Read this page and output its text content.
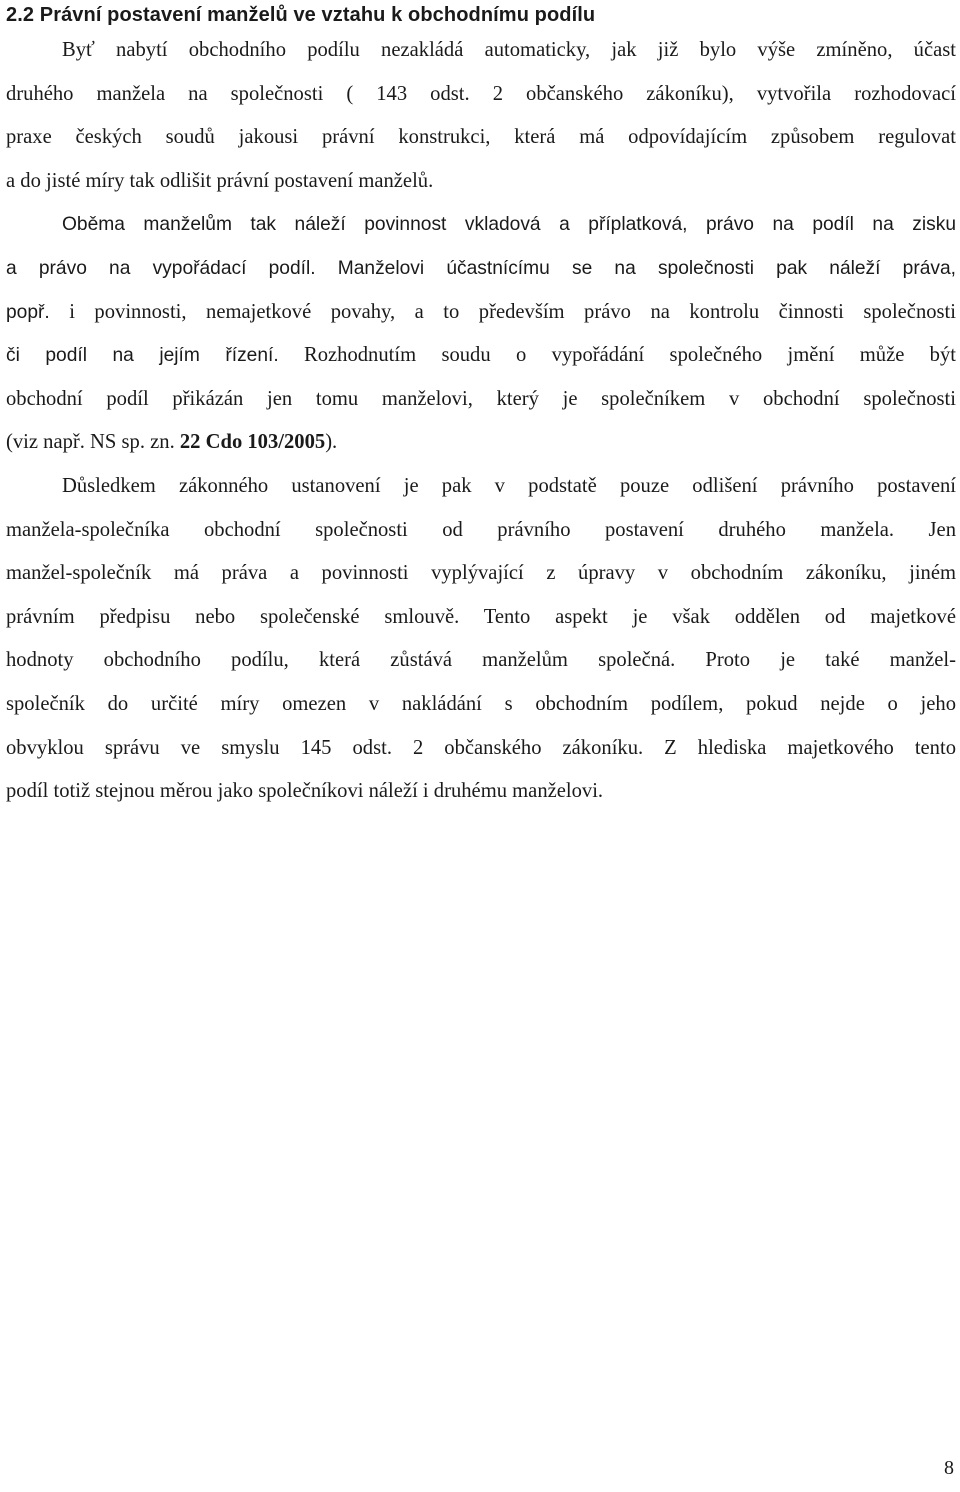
2.2 Právní postavení manželů ve vztahu k obchodnímu podílu
Byť nabytí obchodního podílu nezakládá automaticky, jak již bylo výše zmíněno, účast
druhého manžela na společnosti ( 143 odst. 2 občanského zákoníku), vytvořila rozhodovací
praxe českých soudů jakousi právní konstrukci, která má odpovídajícím způsobem regulovat
a do jisté míry tak odlišit právní postavení manželů.
Oběma manželům tak náleží povinnost vkladová a příplatková, právo na podíl na zisku
a právo na vypořádací podíl. Manželovi účastnícímu se na společnosti pak náleží práva,
popř. i povinnosti, nemajetkové povahy, a to především právo na kontrolu činnosti společnosti
či podíl na jejím řízení. Rozhodnutím soudu o vypořádání společného jmění může být
obchodní podíl přikázán jen tomu manželovi, který je společníkem v obchodní společnosti
(viz např. NS sp. zn. 22 Cdo 103/2005).
Důsledkem zákonného ustanovení je pak v podstatě pouze odlišení právního postavení
manžela-společníka obchodní společnosti od právního postavení druhého manžela. Jen
manžel-společník má práva a povinnosti vyplývající z úpravy v obchodním zákoníku, jiném
právním předpisu nebo společenské smlouvě. Tento aspekt je však oddělen od majetkové
hodnoty obchodního podílu, která zůstává manželům společná. Proto je také manžel-
společník do určité míry omezen v nakládání s obchodním podílem, pokud nejde o jeho
obvyklou správu ve smyslu 145 odst. 2 občanského zákoníku. Z hlediska majetkového tento
podíl totiž stejnou měrou jako společníkovi náleží i druhému manželovi.
8
